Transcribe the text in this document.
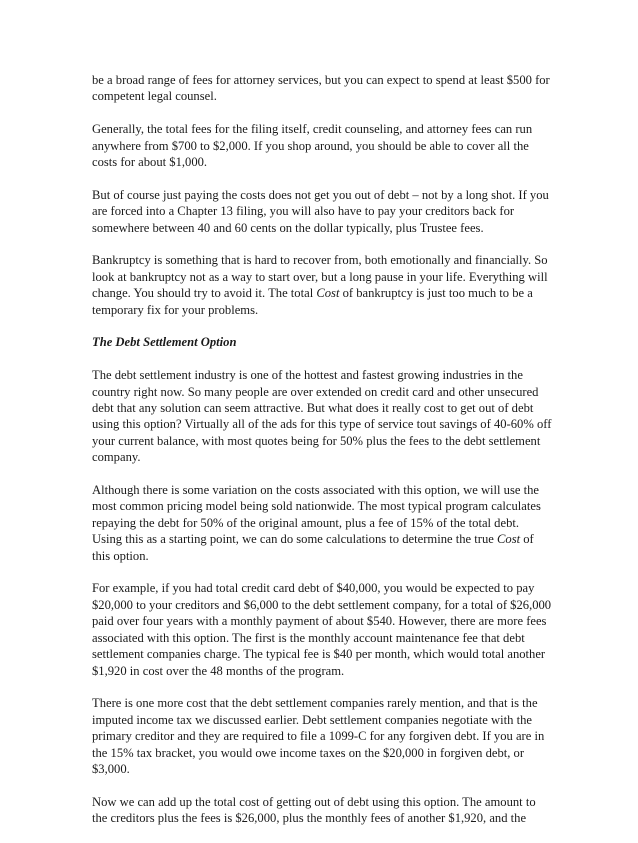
be a broad range of fees for attorney services, but you can expect to spend at least $500 for competent legal counsel.

Generally, the total fees for the filing itself, credit counseling, and attorney fees can run anywhere from $700 to $2,000. If you shop around, you should be able to cover all the costs for about $1,000.

But of course just paying the costs does not get you out of debt – not by a long shot. If you are forced into a Chapter 13 filing, you will also have to pay your creditors back for somewhere between 40 and 60 cents on the dollar typically, plus Trustee fees.

Bankruptcy is something that is hard to recover from, both emotionally and financially. So look at bankruptcy not as a way to start over, but a long pause in your life. Everything will change. You should try to avoid it. The total Cost of bankruptcy is just too much to be a temporary fix for your problems.

The Debt Settlement Option

The debt settlement industry is one of the hottest and fastest growing industries in the country right now. So many people are over extended on credit card and other unsecured debt that any solution can seem attractive. But what does it really cost to get out of debt using this option? Virtually all of the ads for this type of service tout savings of 40-60% off your current balance, with most quotes being for 50% plus the fees to the debt settlement company.

Although there is some variation on the costs associated with this option, we will use the most common pricing model being sold nationwide. The most typical program calculates repaying the debt for 50% of the original amount, plus a fee of 15% of the total debt. Using this as a starting point, we can do some calculations to determine the true Cost of this option.

For example, if you had total credit card debt of $40,000, you would be expected to pay $20,000 to your creditors and $6,000 to the debt settlement company, for a total of $26,000 paid over four years with a monthly payment of about $540. However, there are more fees associated with this option. The first is the monthly account maintenance fee that debt settlement companies charge. The typical fee is $40 per month, which would total another $1,920 in cost over the 48 months of the program.

There is one more cost that the debt settlement companies rarely mention, and that is the imputed income tax we discussed earlier. Debt settlement companies negotiate with the primary creditor and they are required to file a 1099-C for any forgiven debt. If you are in the 15% tax bracket, you would owe income taxes on the $20,000 in forgiven debt, or $3,000.

Now we can add up the total cost of getting out of debt using this option. The amount to the creditors plus the fees is $26,000, plus the monthly fees of another $1,920, and the
